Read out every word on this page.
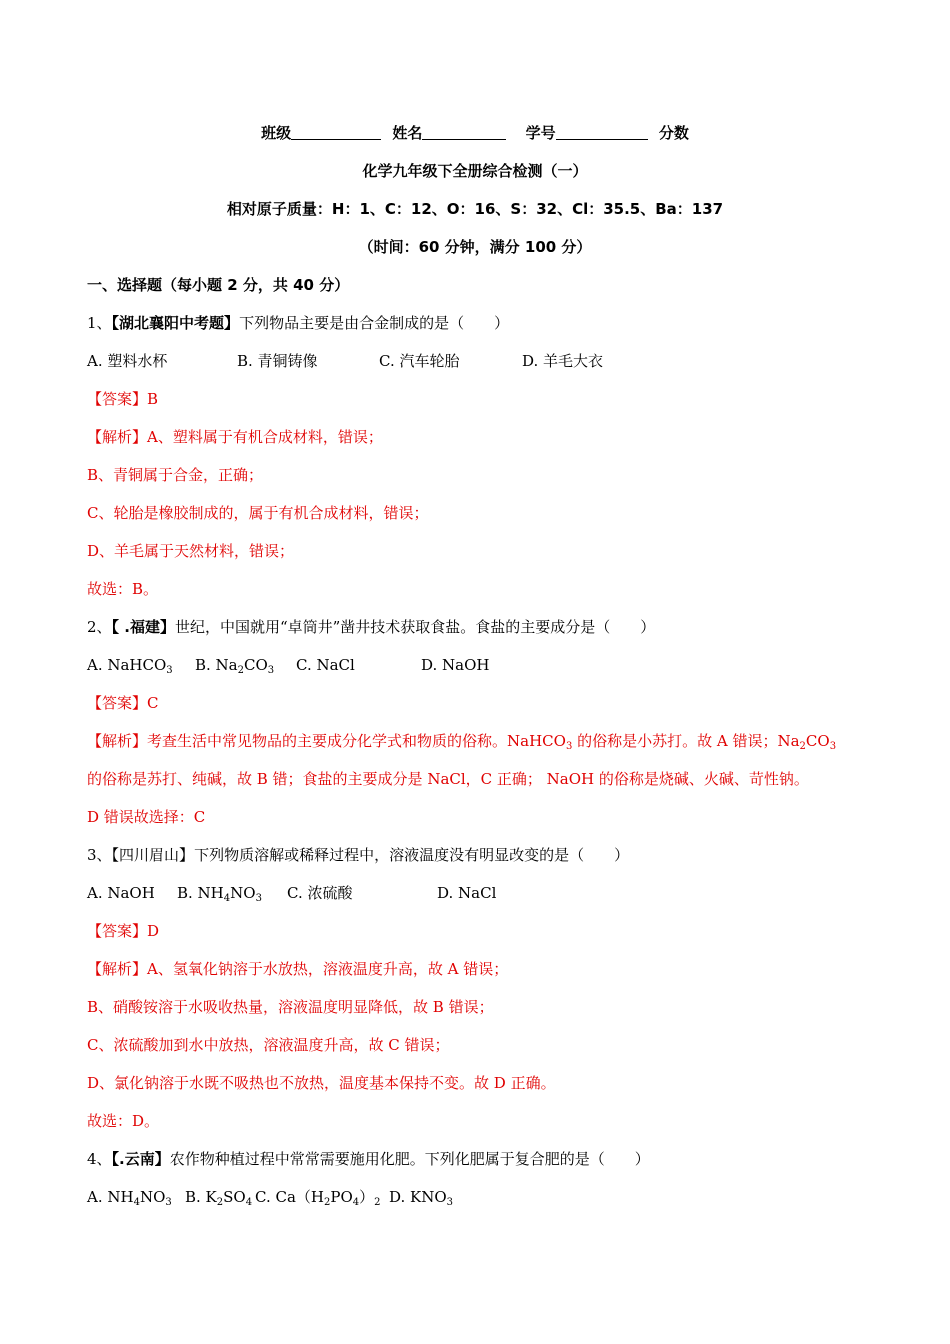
班级	姓名	学号	分数
化学九年级下全册综合检测（一）
相对原子质量：H：1、C：12、O：16、S：32、Cl：35.5、Ba：137
（时间：60 分钟，满分 100 分）
一、选择题（每小题 2 分，共 40 分）
1、【湖北襄阳中考题】下列物品主要是由合金制成的是（　　）
A. 塑料水杯	B. 青铜铸像	C. 汽车轮胎	D. 羊毛大衣
【答案】B
【解析】A、塑料属于有机合成材料，错误；
B、青铜属于合金，正确；
C、轮胎是橡胶制成的，属于有机合成材料，错误；
D、羊毛属于天然材料，错误；
故选：B。
2、【 .福建】世纪，中国就用“卓筒井”凿井技术获取食盐。食盐的主要成分是（　　）
A. NaHCO$_3$ B. $Na_2CO_3$ C. NaCl	D. NaOH
【答案】C
【解析】考查生活中常见物品的主要成分化学式和物质的俗称。NaHCO$_3$ 的俗称是小苏打。故 A 错误；$Na_2CO_3$
的俗称是苏打、纯碱，故 B 错；食盐的主要成分是 NaCl，C 正确； NaOH 的俗称是烧碱、火碱、苛性钠。
D 错误故选择：C
3、【四川眉山】下列物质溶解或稀释过程中，溶液温度没有明显改变的是（　　）
A. NaOH B. $NH_4NO_3$ C. 浓硫酸	D. NaCl
【答案】D
【解析】A、氢氧化钠溶于水放热，溶液温度升高，故 A 错误；
B、硝酸铵溶于水吸收热量，溶液温度明显降低，故 B 错误；
C、浓硫酸加到水中放热，溶液温度升高，故 C 错误；
D、氯化钠溶于水既不吸热也不放热，温度基本保持不变。故 D 正确。
故选：D。
4、【.云南】农作物种植过程中常常需要施用化肥。下列化肥属于复合肥的是（　　）
A. $NH_4NO_3$ B. $K_2SO_4$ C. $Ca(H_2PO_4)_2$ D. $KNO_3$
